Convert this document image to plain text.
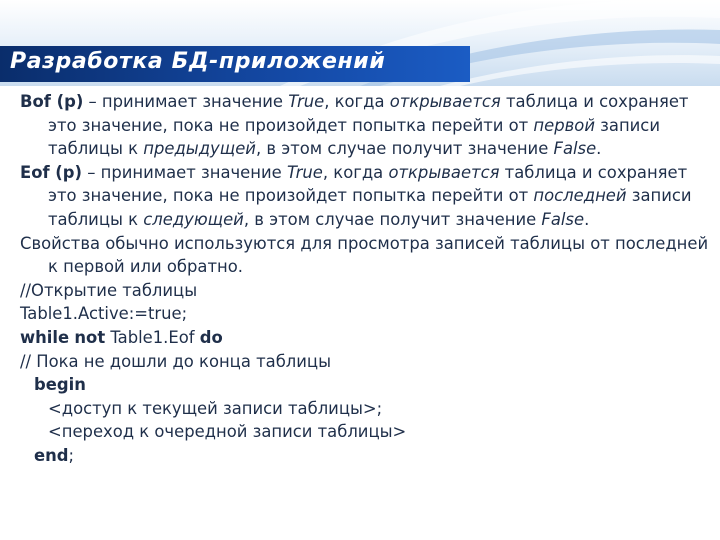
Разработка БД-приложений

Bof (p) – принимает значение True, когда открывается таблица и сохраняет это значение, пока не произойдет попытка перейти от первой записи таблицы к предыдущей, в этом случае получит значение False.

Eof (p) – принимает значение True, когда открывается таблица и сохраняет это значение, пока не произойдет попытка перейти от последней записи таблицы к следующей, в этом случае получит значение False.

Свойства обычно используются для просмотра записей таблицы от последней к первой или обратно.

//Открытие таблицы

Table1.Active:=true;

while not Table1.Eof do

// Пока не дошли до конца таблицы

begin

<доступ к текущей записи таблицы>;

<переход к очередной записи таблицы>

end;
